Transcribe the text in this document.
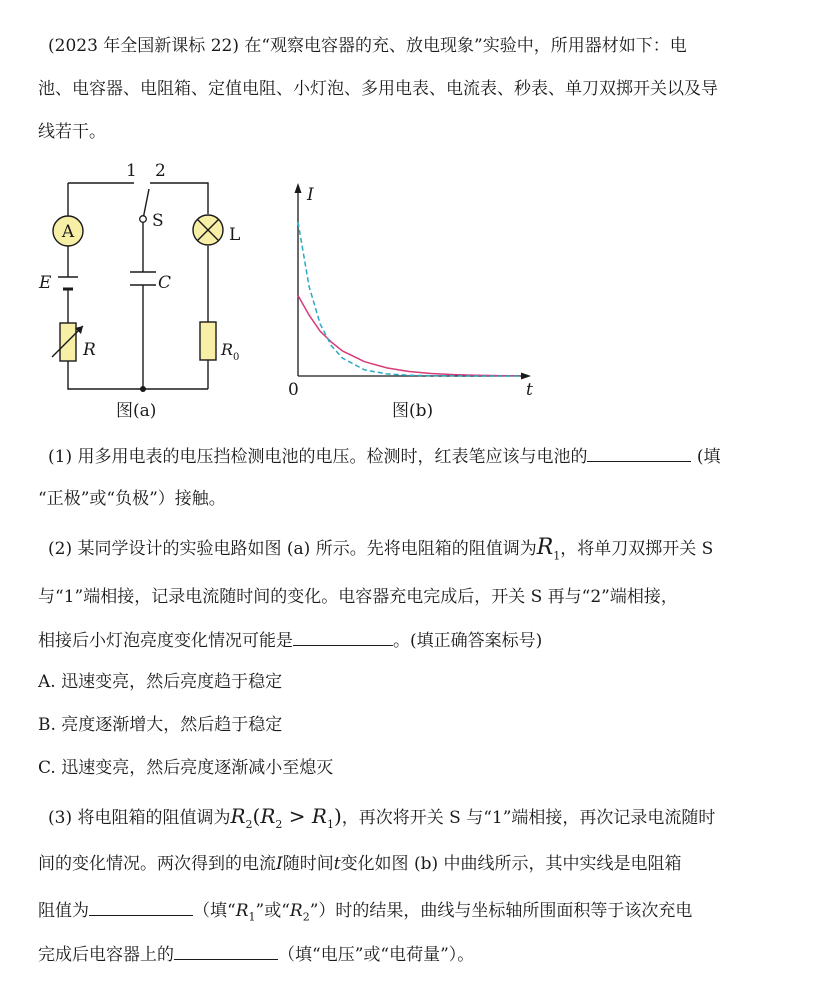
(2023 年全国新课标 22) 在“观察电容器的充、放电现象”实验中，所用器材如下：电
池、电容器、电阻箱、定值电阻、小灯泡、多用电表、电流表、秒表、单刀双掷开关以及导
线若干。
A
1 2
S
L
E	C
R	$R_0$
图(a)
I
t
0
图(b)
(1) 用多用电表的电压挡检测电池的电压。检测时，红表笔应该与电池的	(填
“正极”或“负极”）接触。
(2) 某同学设计的实验电路如图 (a) 所示。先将电阻箱的阻值调为$R_1$，将单刀双掷开关 S
与“1”端相接，记录电流随时间的变化。电容器充电完成后，开关 S 再与“2”端相接，
相接后小灯泡亮度变化情况可能是	。(填正确答案标号)
A. 迅速变亮，然后亮度趋于稳定
B. 亮度逐渐增大，然后趋于稳定
C. 迅速变亮，然后亮度逐渐减小至熄灭
(3) 将电阻箱的阻值调为$R_2(R_2 > R_1)$，再次将开关 S 与“1”端相接，再次记录电流随时
间的变化情况。两次得到的电流I随时间t变化如图 (b) 中曲线所示，其中实线是电阻箱
阻值为	（填“$R_1$”或“$R_2$”）时的结果，曲线与坐标轴所围面积等于该次充电
完成后电容器上的	（填“电压”或“电荷量”）。
